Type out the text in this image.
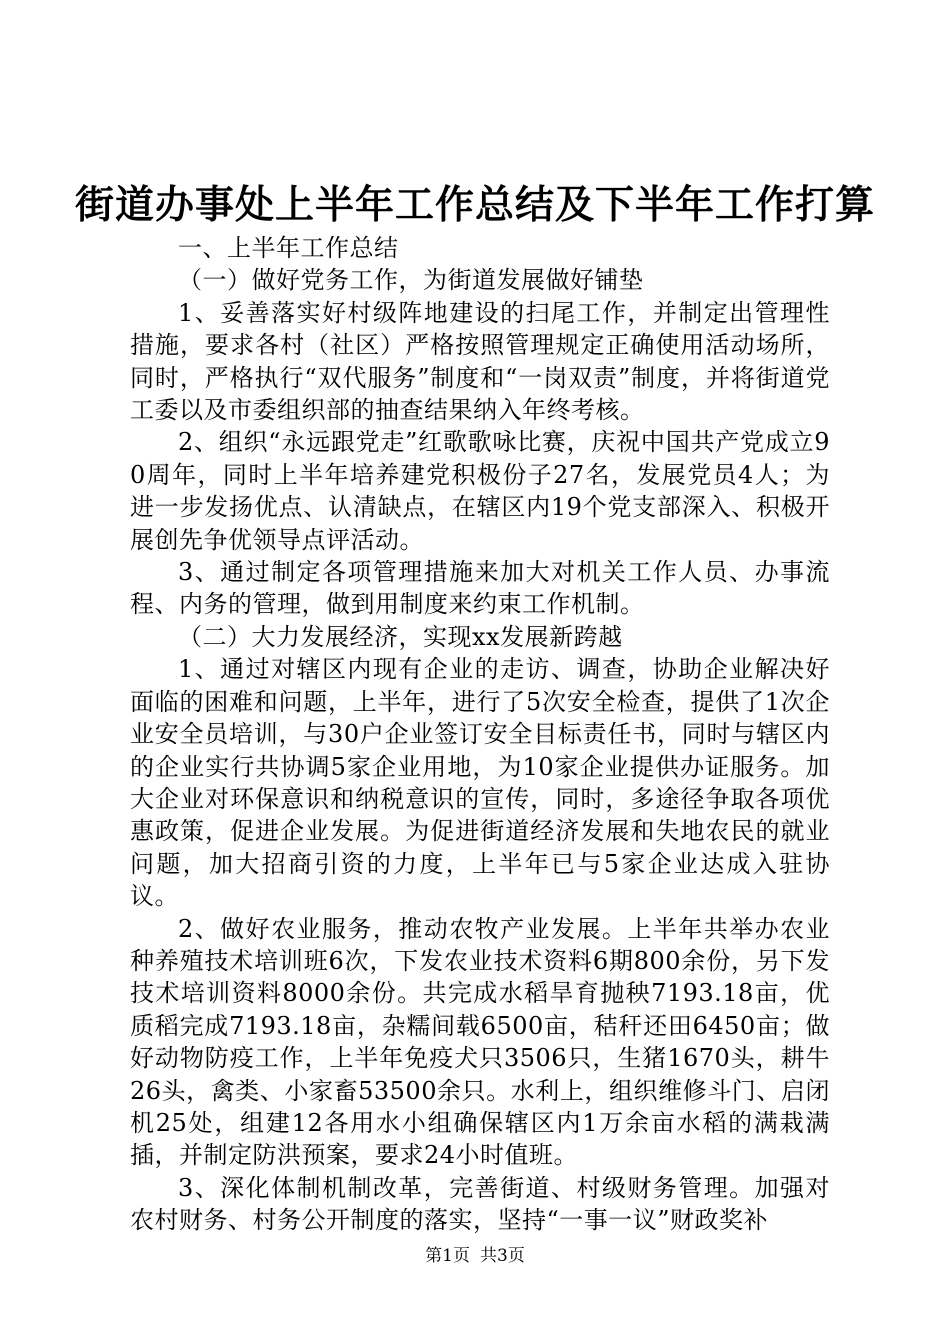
街道办事处上半年工作总结及下半年工作打算

一、上半年工作总结

（一）做好党务工作，为街道发展做好铺垫

1、妥善落实好村级阵地建设的扫尾工作，并制定出管理性措施，要求各村（社区）严格按照管理规定正确使用活动场所，同时，严格执行“双代服务”制度和“一岗双责”制度，并将街道党工委以及市委组织部的抽查结果纳入年终考核。

2、组织“永远跟党走”红歌歌咏比赛，庆祝中国共产党成立90周年，同时上半年培养建党积极份子27名，发展党员4人；为进一步发扬优点、认清缺点，在辖区内19个党支部深入、积极开展创先争优领导点评活动。

3、通过制定各项管理措施来加大对机关工作人员、办事流程、内务的管理，做到用制度来约束工作机制。

（二）大力发展经济，实现xx发展新跨越

1、通过对辖区内现有企业的走访、调查，协助企业解决好面临的困难和问题，上半年，进行了5次安全检查，提供了1次企业安全员培训，与30户企业签订安全目标责任书，同时与辖区内的企业实行共协调5家企业用地，为10家企业提供办证服务。加大企业对环保意识和纳税意识的宣传，同时，多途径争取各项优惠政策，促进企业发展。为促进街道经济发展和失地农民的就业问题，加大招商引资的力度，上半年已与5家企业达成入驻协议。

2、做好农业服务，推动农牧产业发展。上半年共举办农业种养殖技术培训班6次，下发农业技术资料6期800余份，另下发技术培训资料8000余份。共完成水稻旱育抛秧7193.18亩，优质稻完成7193.18亩，杂糯间载6500亩，秸秆还田6450亩；做好动物防疫工作，上半年免疫犬只3506只，生猪1670头，耕牛26头，禽类、小家畜53500余只。水利上，组织维修斗门、启闭机25处，组建12各用水小组确保辖区内1万余亩水稻的满栽满插，并制定防洪预案，要求24小时值班。

3、深化体制机制改革，完善街道、村级财务管理。加强对农村财务、村务公开制度的落实，坚持“一事一议”财政奖补

第1页 共3页
